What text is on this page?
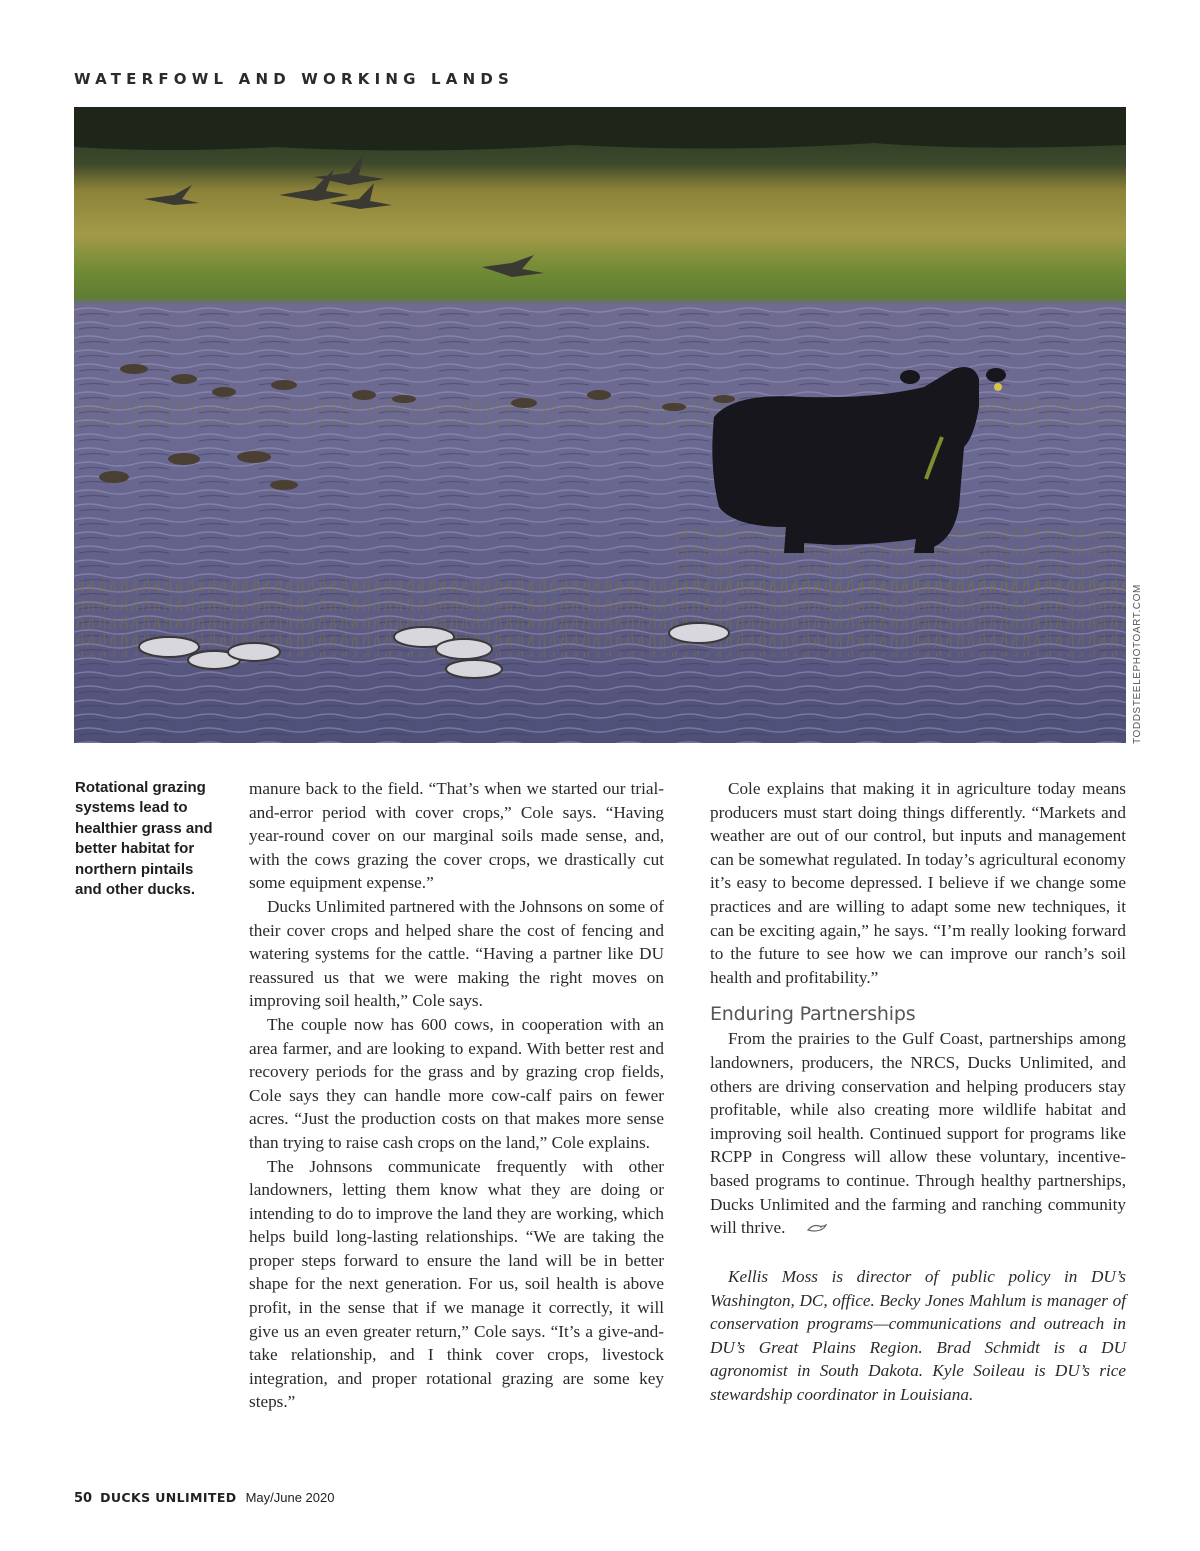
WATERFOWL AND WORKING LANDS
TODDSTEELEPHOTOART.COM
Rotational grazing systems lead to healthier grass and better habitat for northern pintails and other ducks.

manure back to the field. “That’s when we started our trial-and-error period with cover crops,” Cole says. “Having year-round cover on our marginal soils made sense, and, with the cows grazing the cover crops, we drastically cut some equipment expense.”

Ducks Unlimited partnered with the Johnsons on some of their cover crops and helped share the cost of fencing and watering systems for the cattle. “Having a partner like DU reassured us that we were making the right moves on improving soil health,” Cole says.

The couple now has 600 cows, in cooperation with an area farmer, and are looking to expand. With better rest and recovery periods for the grass and by grazing crop fields, Cole says they can handle more cow-calf pairs on fewer acres. “Just the production costs on that makes more sense than trying to raise cash crops on the land,” Cole explains.

The Johnsons communicate frequently with other landowners, letting them know what they are doing or intending to do to improve the land they are working, which helps build long-lasting relationships. “We are taking the proper steps forward to ensure the land will be in better shape for the next generation. For us, soil health is above profit, in the sense that if we manage it correctly, it will give us an even greater return,” Cole says. “It’s a give-and-take relationship, and I think cover crops, livestock integration, and proper rotational grazing are some key steps.”

Cole explains that making it in agriculture today means producers must start doing things differently. “Markets and weather are out of our control, but inputs and management can be somewhat regulated. In today’s agricultural economy it’s easy to become depressed. I believe if we change some practices and are willing to adapt some new techniques, it can be exciting again,” he says. “I’m really looking forward to the future to see how we can improve our ranch’s soil health and profitability.”

Enduring Partnerships

From the prairies to the Gulf Coast, partnerships among landowners, producers, the NRCS, Ducks Unlimited, and others are driving conservation and helping producers stay profitable, while also creating more wildlife habitat and improving soil health. Continued support for programs like RCPP in Congress will allow these voluntary, incentive-based programs to continue. Through healthy partnerships, Ducks Unlimited and the farming and ranching community will thrive.

Kellis Moss is director of public policy in DU’s Washington, DC, office. Becky Jones Mahlum is manager of conservation programs—communications and outreach in DU’s Great Plains Region. Brad Schmidt is a DU agronomist in South Dakota. Kyle Soileau is DU’s rice stewardship coordinator in Louisiana.

50 DUCKS UNLIMITED May/June 2020
